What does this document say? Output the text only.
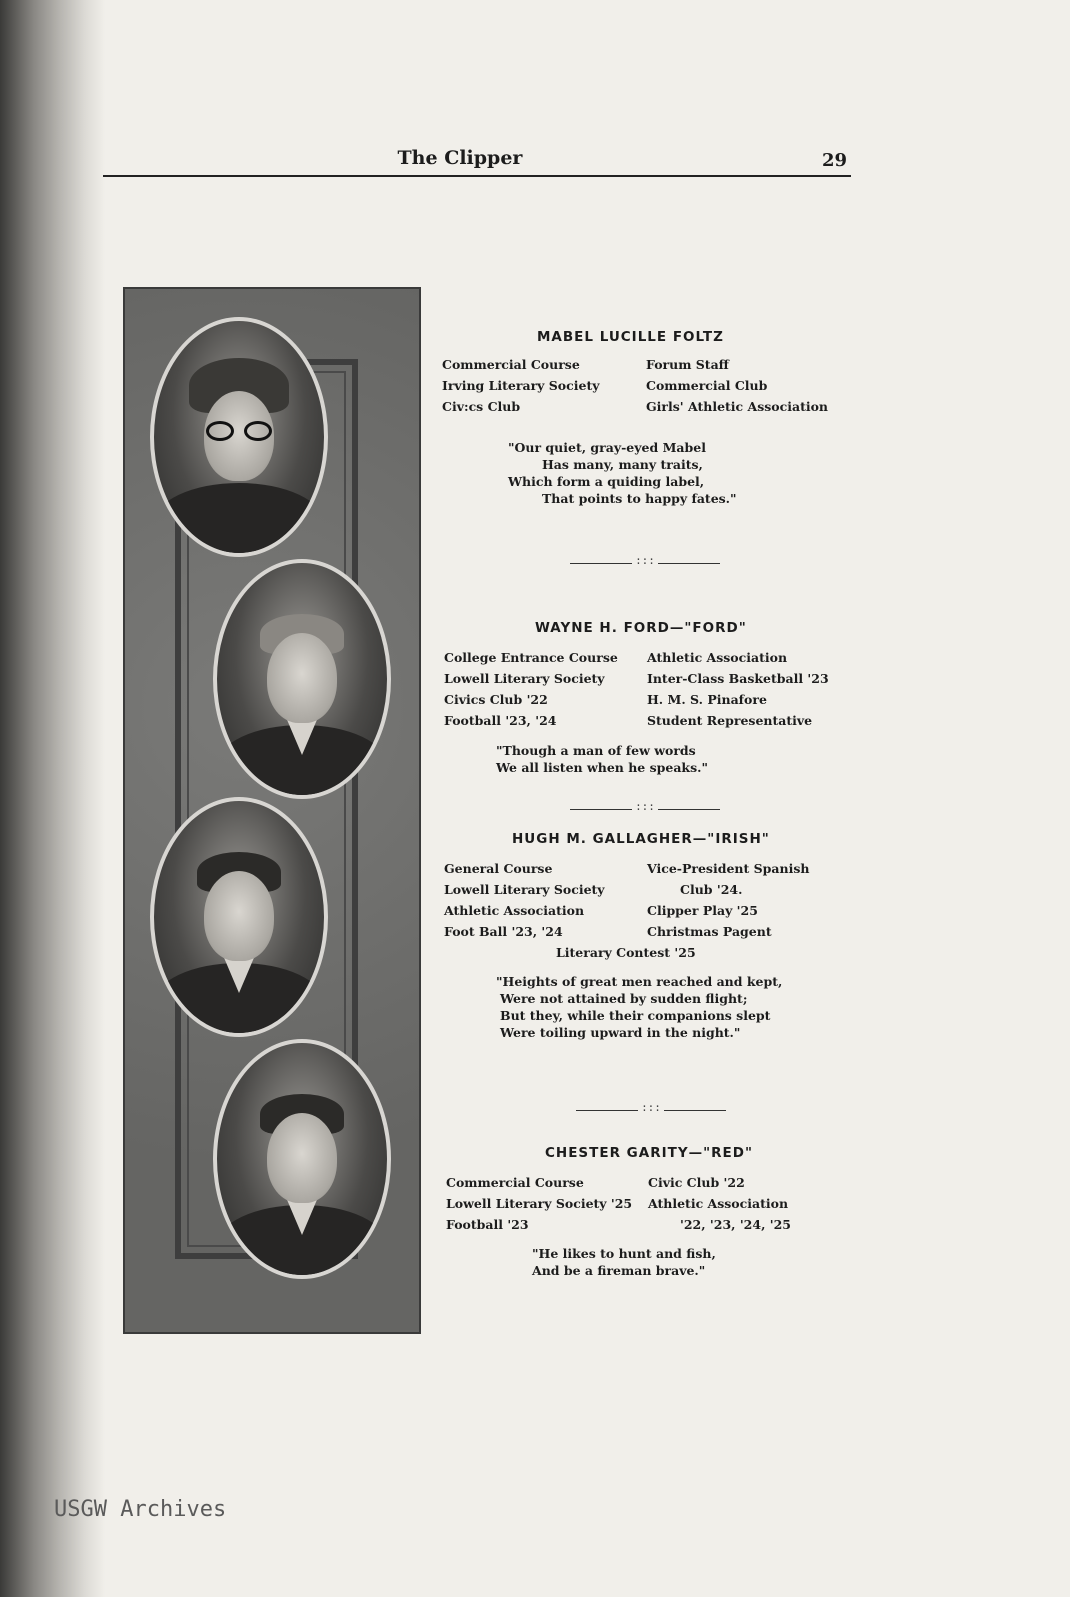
The Clipper	29
MABEL LUCILLE FOLTZ
Commercial Course
Irving Literary Society
Civ:cs Club
Forum Staff
Commercial Club
Girls' Athletic Association
"Our quiet, gray-eyed Mabel
Has many, many traits,
Which form a quiding label,
That points to happy fates."
:::
WAYNE H. FORD—"FORD"
College Entrance Course
Lowell Literary Society
Civics Club '22
Football '23, '24
Athletic Association
Inter-Class Basketball '23
H. M. S. Pinafore
Student Representative
"Though a man of few words
We all listen when he speaks."
:::
HUGH M. GALLAGHER—"IRISH"
General Course
Lowell Literary Society
Athletic Association
Foot Ball '23, '24
Vice-President Spanish
Club '24.
Clipper Play '25
Christmas Pagent
Literary Contest '25
"Heights of great men reached and kept,
Were not attained by sudden flight;
But they, while their companions slept
Were toiling upward in the night."
:::
CHESTER GARITY—"RED"
Commercial Course
Lowell Literary Society '25
Football '23
Civic Club '22
Athletic Association
'22, '23, '24, '25
"He likes to hunt and fish,
And be a fireman brave."
USGW Archives
